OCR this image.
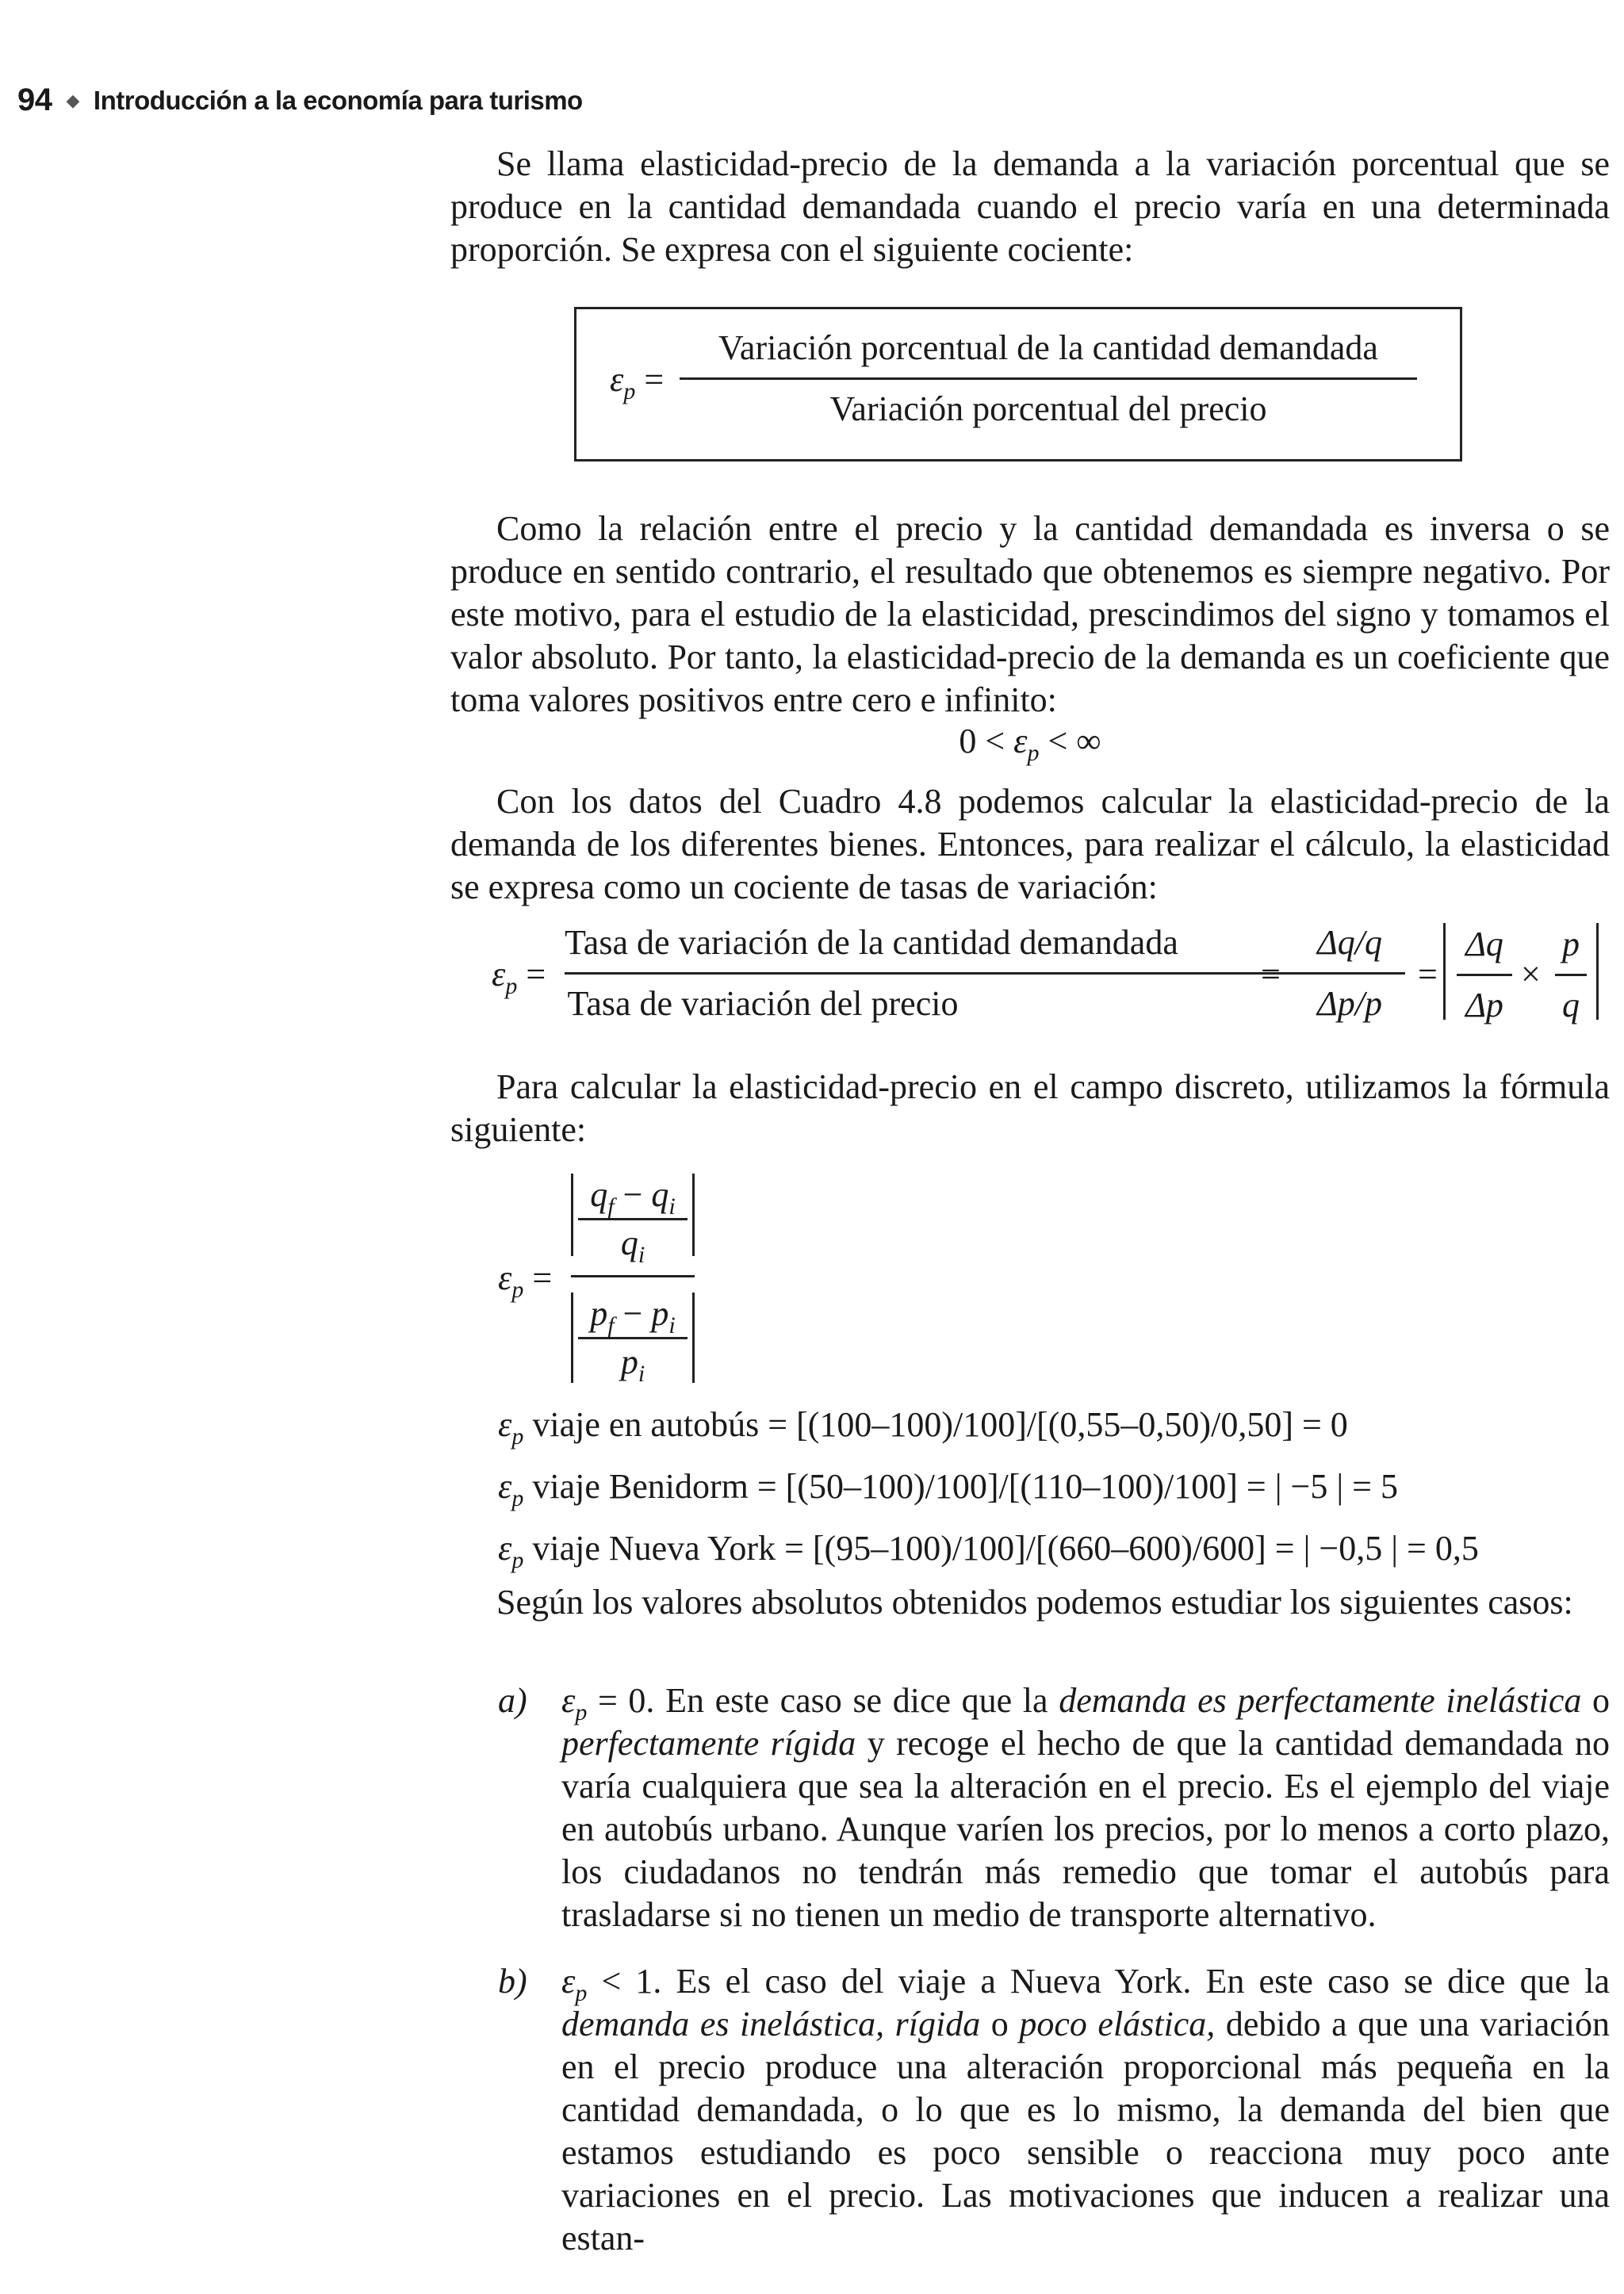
94 ◆ Introducción a la economía para turismo

Se llama elasticidad-precio de la demanda a la variación porcentual que se produce en la cantidad demandada cuando el precio varía en una determinada proporción. Se expresa con el siguiente cociente:

$\varepsilon_p$ =
Variación porcentual de la cantidad demandada
Variación porcentual del precio

Como la relación entre el precio y la cantidad demandada es inversa o se produce en sentido contrario, el resultado que obtenemos es siempre negativo. Por este motivo, para el estudio de la elasticidad, prescindimos del signo y tomamos el valor absoluto. Por tanto, la elasticidad-precio de la demanda es un coeficiente que toma valores positivos entre cero e infinito:

$0 < \varepsilon_p$ < ∞

Con los datos del Cuadro 4.8 podemos calcular la elasticidad-precio de la demanda de los diferentes bienes. Entonces, para realizar el cálculo, la elasticidad se expresa como un cociente de tasas de variación:

$\varepsilon_p$ =
Tasa de variación de la cantidad demandada
Tasa de variación del precio
=
Δq/q
Δp/p
=
Δq
Δp
×
p
q

Para calcular la elasticidad-precio en el campo discreto, utilizamos la fórmula siguiente:

$\varepsilon_p$ =
$q_f - q_i$
$q_i$
$p_f - p_i$
$p_i$

$\varepsilon_p$ viaje en autobús = [(100–100)/100]/[(0,55–0,50)/0,50] = 0

$\varepsilon_p$ viaje Benidorm = [(50–100)/100]/[(110–100)/100] = | −5 | = 5

$\varepsilon_p$ viaje Nueva York = [(95–100)/100]/[(660–600)/600] = | −0,5 | = 0,5

Según los valores absolutos obtenidos podemos estudiar los siguientes casos:

a) $\varepsilon_p = 0$. En este caso se dice que la demanda es perfectamente inelástica o perfectamente rígida y recoge el hecho de que la cantidad demandada no varía cualquiera que sea la alteración en el precio. Es el ejemplo del viaje en autobús urbano. Aunque varíen los precios, por lo menos a corto plazo, los ciudadanos no tendrán más remedio que tomar el autobús para trasladarse si no tienen un medio de transporte alternativo.
b) $\varepsilon_p < 1$. Es el caso del viaje a Nueva York. En este caso se dice que la demanda es inelástica, rígida o poco elástica, debido a que una variación en el precio produce una alteración proporcional más pequeña en la cantidad demandada, o lo que es lo mismo, la demanda del bien que estamos estudiando es poco sensible o reacciona muy poco ante variaciones en el precio. Las motivaciones que inducen a realizar una estan-
